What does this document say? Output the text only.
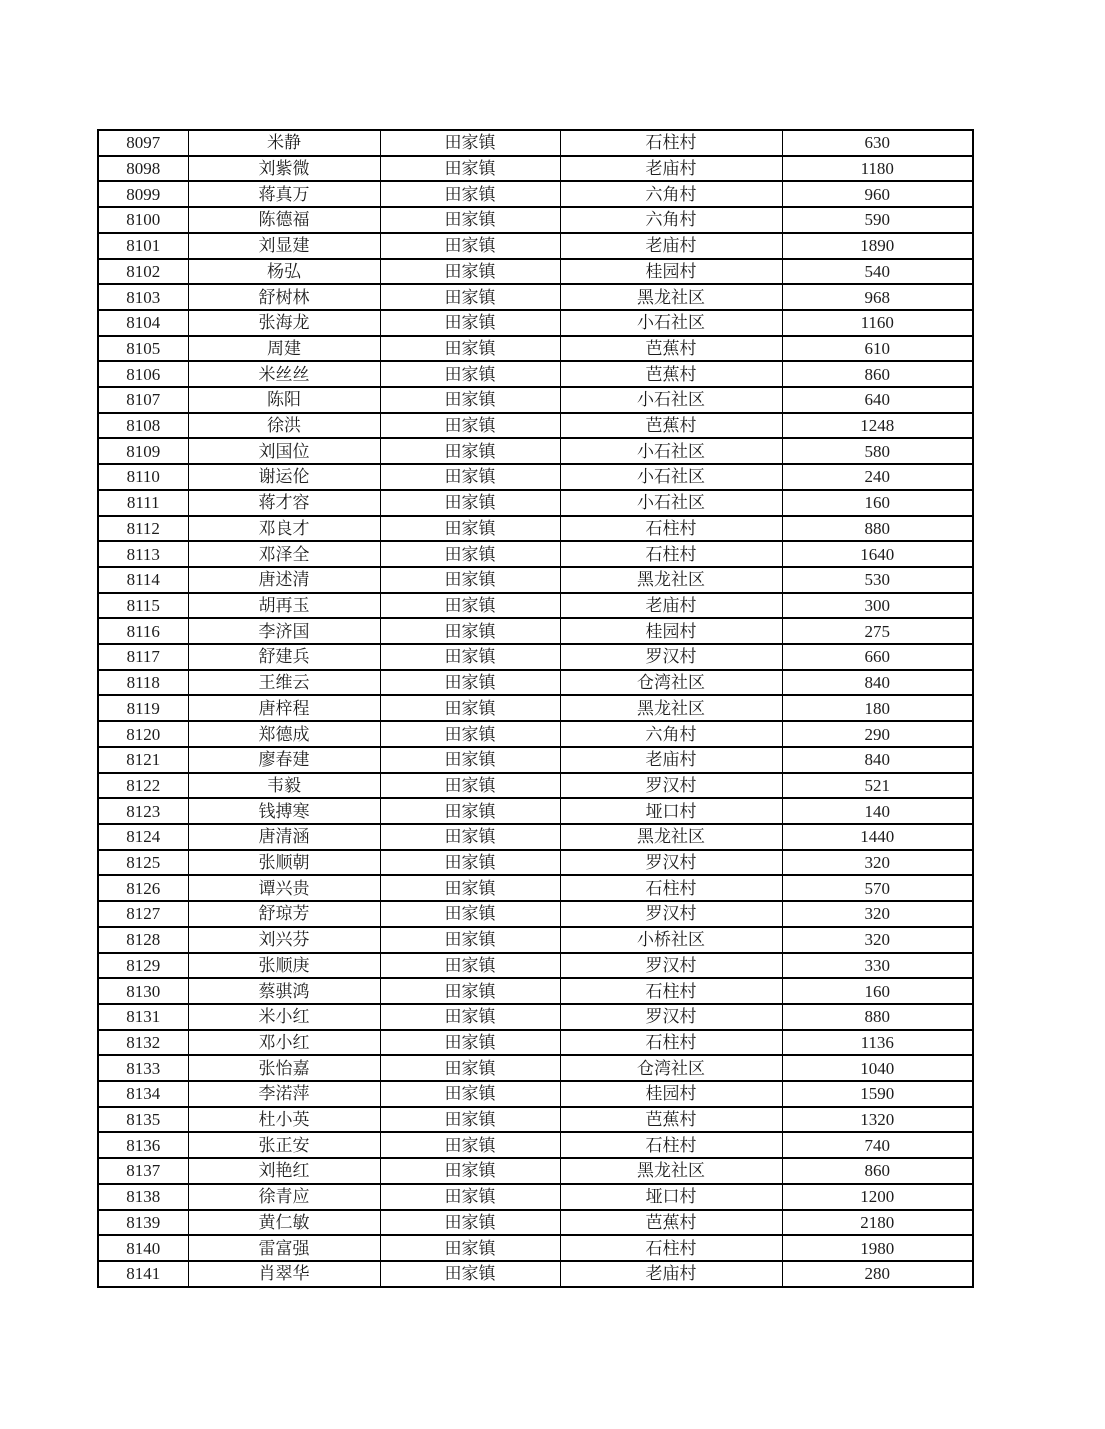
8097	米静	田家镇	石柱村	630
8098	刘紫微	田家镇	老庙村	1180
8099	蒋真万	田家镇	六角村	960
8100	陈德福	田家镇	六角村	590
8101	刘显建	田家镇	老庙村	1890
8102	杨弘	田家镇	桂园村	540
8103	舒树林	田家镇	黑龙社区	968
8104	张海龙	田家镇	小石社区	1160
8105	周建	田家镇	芭蕉村	610
8106	米丝丝	田家镇	芭蕉村	860
8107	陈阳	田家镇	小石社区	640
8108	徐洪	田家镇	芭蕉村	1248
8109	刘国位	田家镇	小石社区	580
8110	谢运伦	田家镇	小石社区	240
8111	蒋才容	田家镇	小石社区	160
8112	邓良才	田家镇	石柱村	880
8113	邓泽全	田家镇	石柱村	1640
8114	唐述清	田家镇	黑龙社区	530
8115	胡再玉	田家镇	老庙村	300
8116	李济国	田家镇	桂园村	275
8117	舒建兵	田家镇	罗汉村	660
8118	王维云	田家镇	仓湾社区	840
8119	唐梓程	田家镇	黑龙社区	180
8120	郑德成	田家镇	六角村	290
8121	廖春建	田家镇	老庙村	840
8122	韦毅	田家镇	罗汉村	521
8123	钱搏寒	田家镇	垭口村	140
8124	唐清涵	田家镇	黑龙社区	1440
8125	张顺朝	田家镇	罗汉村	320
8126	谭兴贵	田家镇	石柱村	570
8127	舒琼芳	田家镇	罗汉村	320
8128	刘兴芬	田家镇	小桥社区	320
8129	张顺庚	田家镇	罗汉村	330
8130	蔡骐鸿	田家镇	石柱村	160
8131	米小红	田家镇	罗汉村	880
8132	邓小红	田家镇	石柱村	1136
8133	张怡嘉	田家镇	仓湾社区	1040
8134	李渃萍	田家镇	桂园村	1590
8135	杜小英	田家镇	芭蕉村	1320
8136	张正安	田家镇	石柱村	740
8137	刘艳红	田家镇	黑龙社区	860
8138	徐青应	田家镇	垭口村	1200
8139	黄仁敏	田家镇	芭蕉村	2180
8140	雷富强	田家镇	石柱村	1980
8141	肖翠华	田家镇	老庙村	280
